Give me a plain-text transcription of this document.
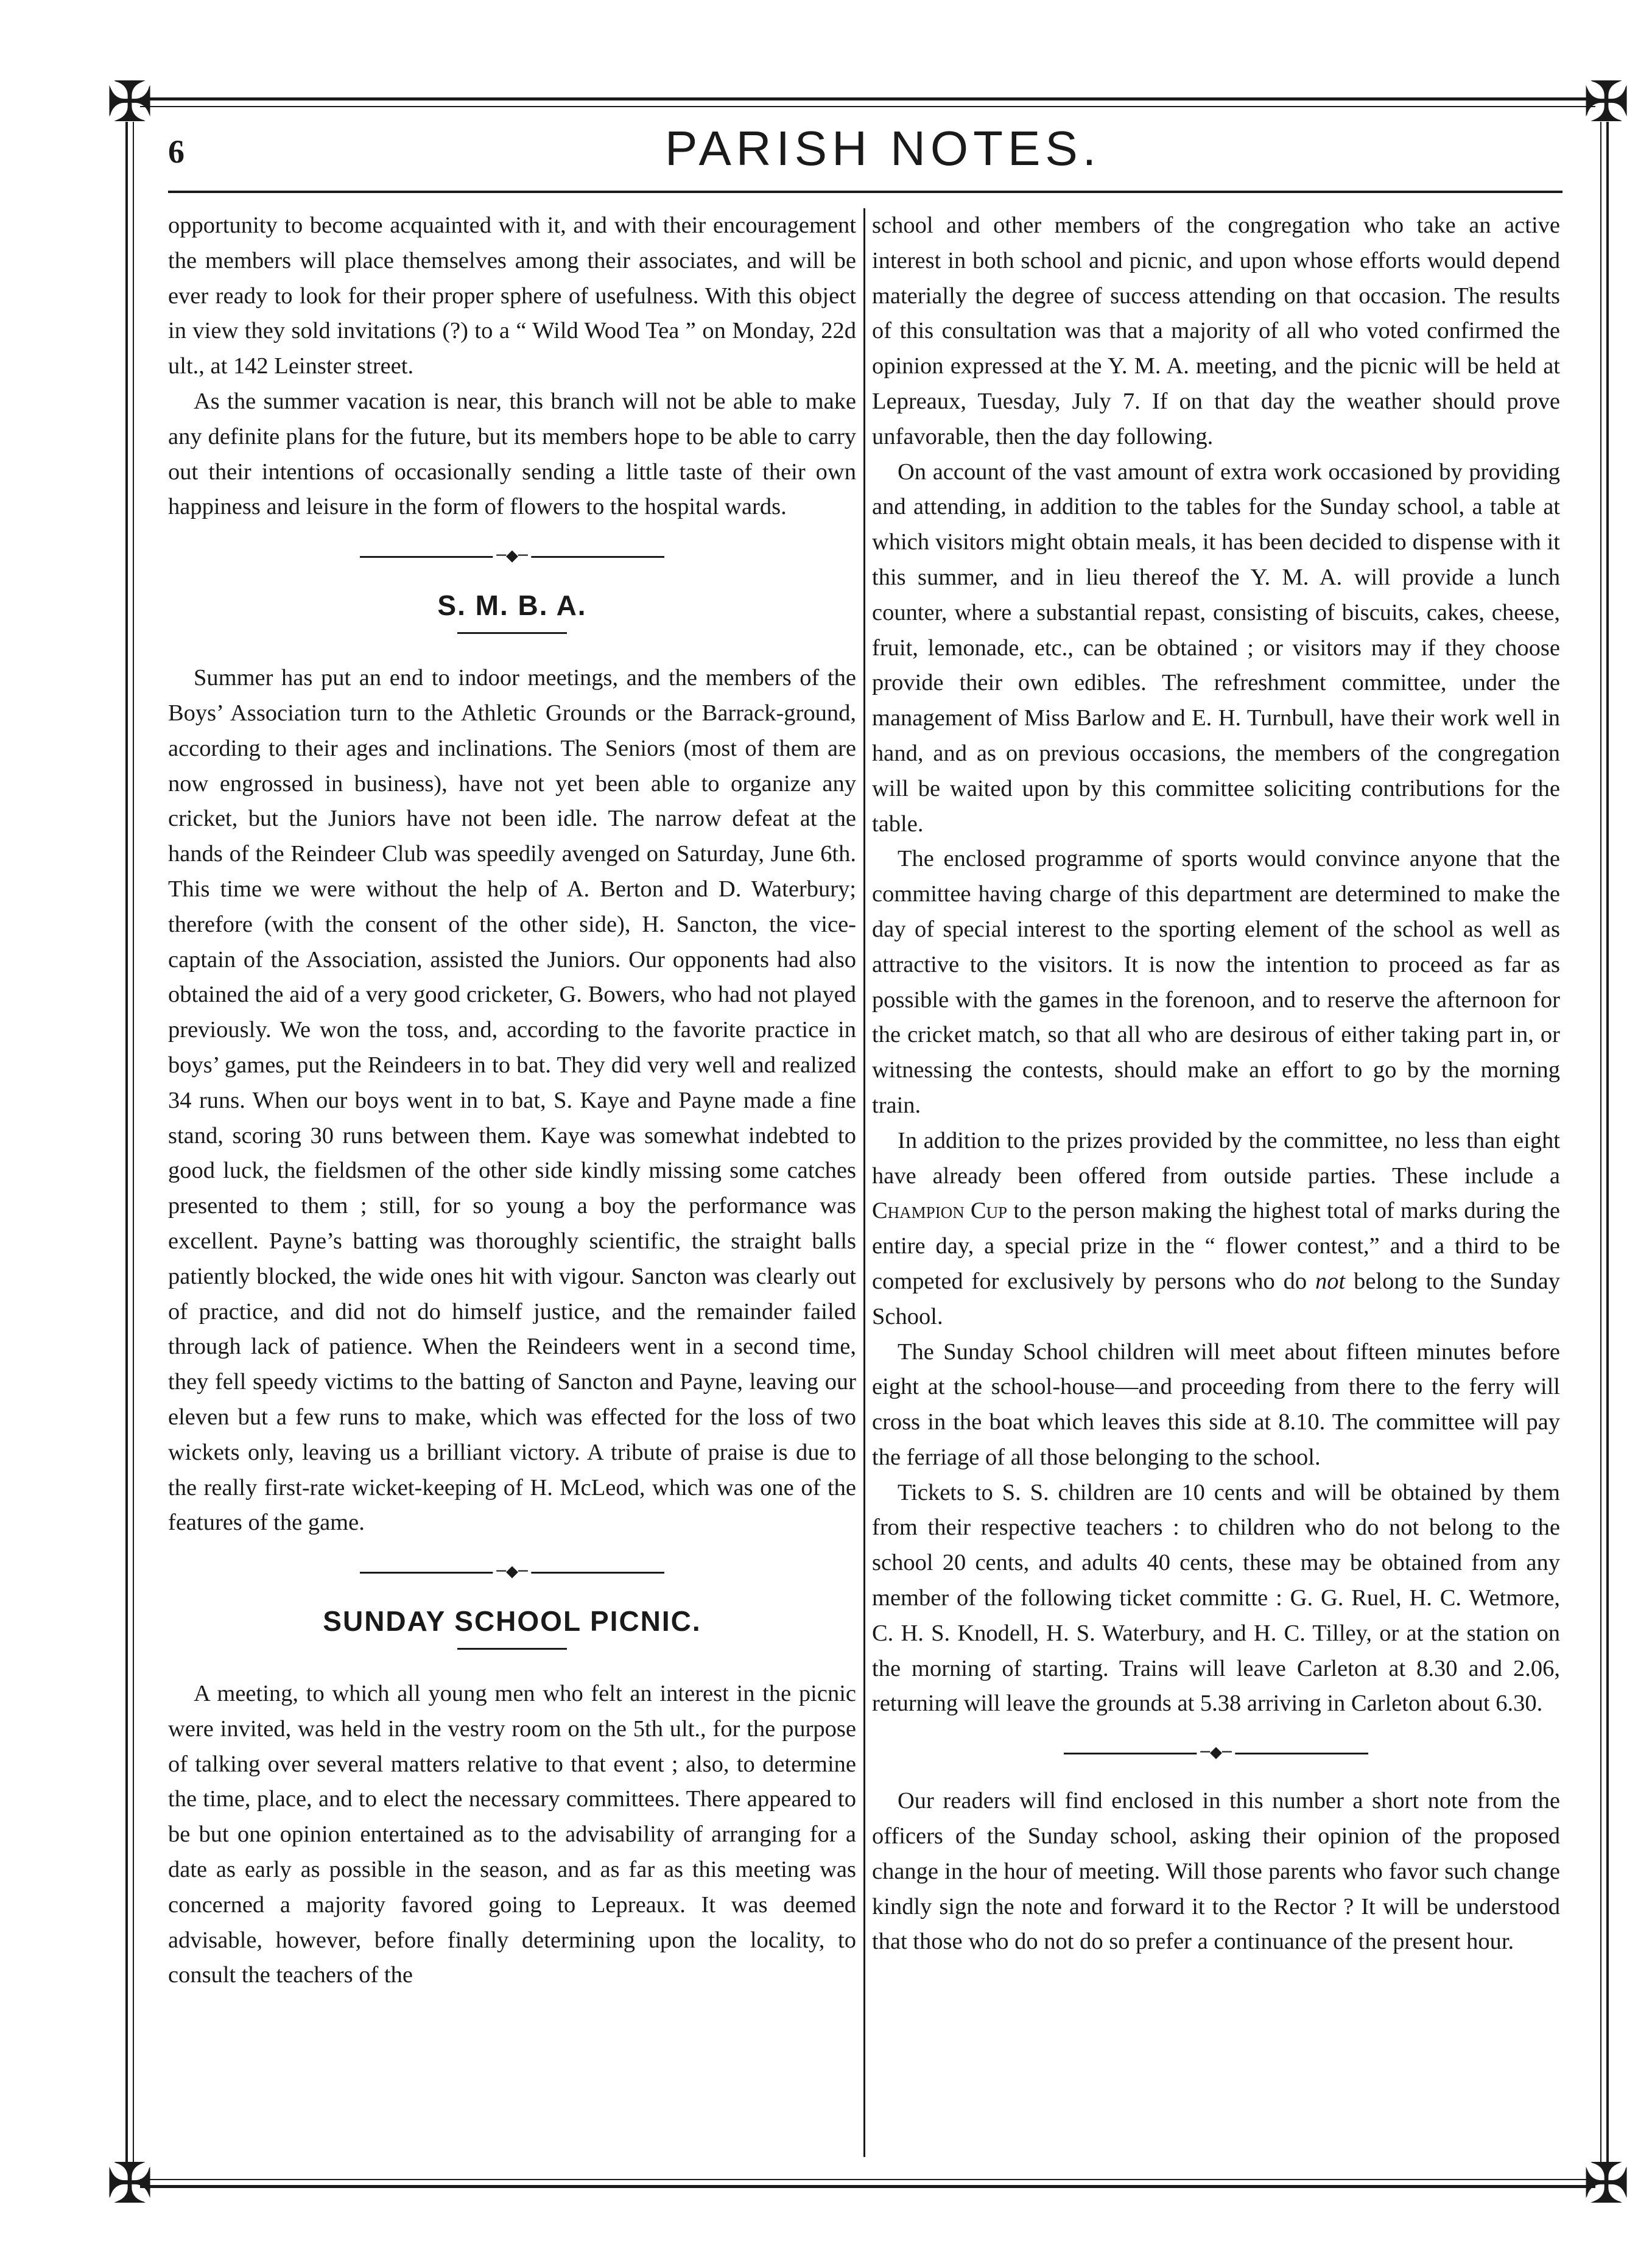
✠	✠
✠	✠
6	PARISH NOTES.

opportunity to become acquainted with it, and with their encouragement the members will place themselves among their associates, and will be ever ready to look for their proper sphere of usefulness. With this object in view they sold invitations (?) to a “ Wild Wood Tea ” on Monday, 22d ult., at 142 Leinster street.

As the summer vacation is near, this branch will not be able to make any definite plans for the future, but its members hope to be able to carry out their intentions of occasionally sending a little taste of their own happiness and leisure in the form of flowers to the hospital wards.

─◆─
S. M. B. A.

Summer has put an end to indoor meetings, and the members of the Boys’ Association turn to the Athletic Grounds or the Barrack-ground, according to their ages and inclinations. The Seniors (most of them are now engrossed in business), have not yet been able to organize any cricket, but the Juniors have not been idle. The narrow defeat at the hands of the Reindeer Club was speedily avenged on Saturday, June 6th. This time we were without the help of A. Berton and D. Waterbury; therefore (with the consent of the other side), H. Sancton, the vice-captain of the Association, assisted the Juniors. Our opponents had also obtained the aid of a very good cricketer, G. Bowers, who had not played previously. We won the toss, and, according to the favorite practice in boys’ games, put the Reindeers in to bat. They did very well and realized 34 runs. When our boys went in to bat, S. Kaye and Payne made a fine stand, scoring 30 runs between them. Kaye was somewhat indebted to good luck, the fieldsmen of the other side kindly missing some catches presented to them ; still, for so young a boy the performance was excellent. Payne’s batting was thoroughly scientific, the straight balls patiently blocked, the wide ones hit with vigour. Sancton was clearly out of practice, and did not do himself justice, and the remainder failed through lack of patience. When the Reindeers went in a second time, they fell speedy victims to the batting of Sancton and Payne, leaving our eleven but a few runs to make, which was effected for the loss of two wickets only, leaving us a brilliant victory. A tribute of praise is due to the really first-rate wicket-keeping of H. McLeod, which was one of the features of the game.

─◆─
SUNDAY SCHOOL PICNIC.

A meeting, to which all young men who felt an interest in the picnic were invited, was held in the vestry room on the 5th ult., for the purpose of talking over several matters relative to that event ; also, to determine the time, place, and to elect the necessary committees. There appeared to be but one opinion entertained as to the advisability of arranging for a date as early as possible in the season, and as far as this meeting was concerned a majority favored going to Lepreaux. It was deemed advisable, however, before finally determining upon the locality, to consult the teachers of the

school and other members of the congregation who take an active interest in both school and picnic, and upon whose efforts would depend materially the degree of success attending on that occasion. The results of this consultation was that a majority of all who voted confirmed the opinion expressed at the Y. M. A. meeting, and the picnic will be held at Lepreaux, Tuesday, July 7. If on that day the weather should prove unfavorable, then the day following.

On account of the vast amount of extra work occasioned by providing and attending, in addition to the tables for the Sunday school, a table at which visitors might obtain meals, it has been decided to dispense with it this summer, and in lieu thereof the Y. M. A. will provide a lunch counter, where a substantial repast, consisting of biscuits, cakes, cheese, fruit, lemonade, etc., can be obtained ; or visitors may if they choose provide their own edibles. The refreshment committee, under the management of Miss Barlow and E. H. Turnbull, have their work well in hand, and as on previous occasions, the members of the congregation will be waited upon by this committee soliciting contributions for the table.

The enclosed programme of sports would convince anyone that the committee having charge of this department are determined to make the day of special interest to the sporting element of the school as well as attractive to the visitors. It is now the intention to proceed as far as possible with the games in the forenoon, and to reserve the afternoon for the cricket match, so that all who are desirous of either taking part in, or witnessing the contests, should make an effort to go by the morning train.

In addition to the prizes provided by the committee, no less than eight have already been offered from outside parties. These include a Champion Cup to the person making the highest total of marks during the entire day, a special prize in the “ flower contest,” and a third to be competed for exclusively by persons who do not belong to the Sunday School.

The Sunday School children will meet about fifteen minutes before eight at the school-house—and proceeding from there to the ferry will cross in the boat which leaves this side at 8.10. The committee will pay the ferriage of all those belonging to the school.

Tickets to S. S. children are 10 cents and will be obtained by them from their respective teachers : to children who do not belong to the school 20 cents, and adults 40 cents, these may be obtained from any member of the following ticket committe : G. G. Ruel, H. C. Wetmore, C. H. S. Knodell, H. S. Waterbury, and H. C. Tilley, or at the station on the morning of starting. Trains will leave Carleton at 8.30 and 2.06, returning will leave the grounds at 5.38 arriving in Carleton about 6.30.

─◆─

Our readers will find enclosed in this number a short note from the officers of the Sunday school, asking their opinion of the proposed change in the hour of meeting. Will those parents who favor such change kindly sign the note and forward it to the Rector ? It will be understood that those who do not do so prefer a continuance of the present hour.
